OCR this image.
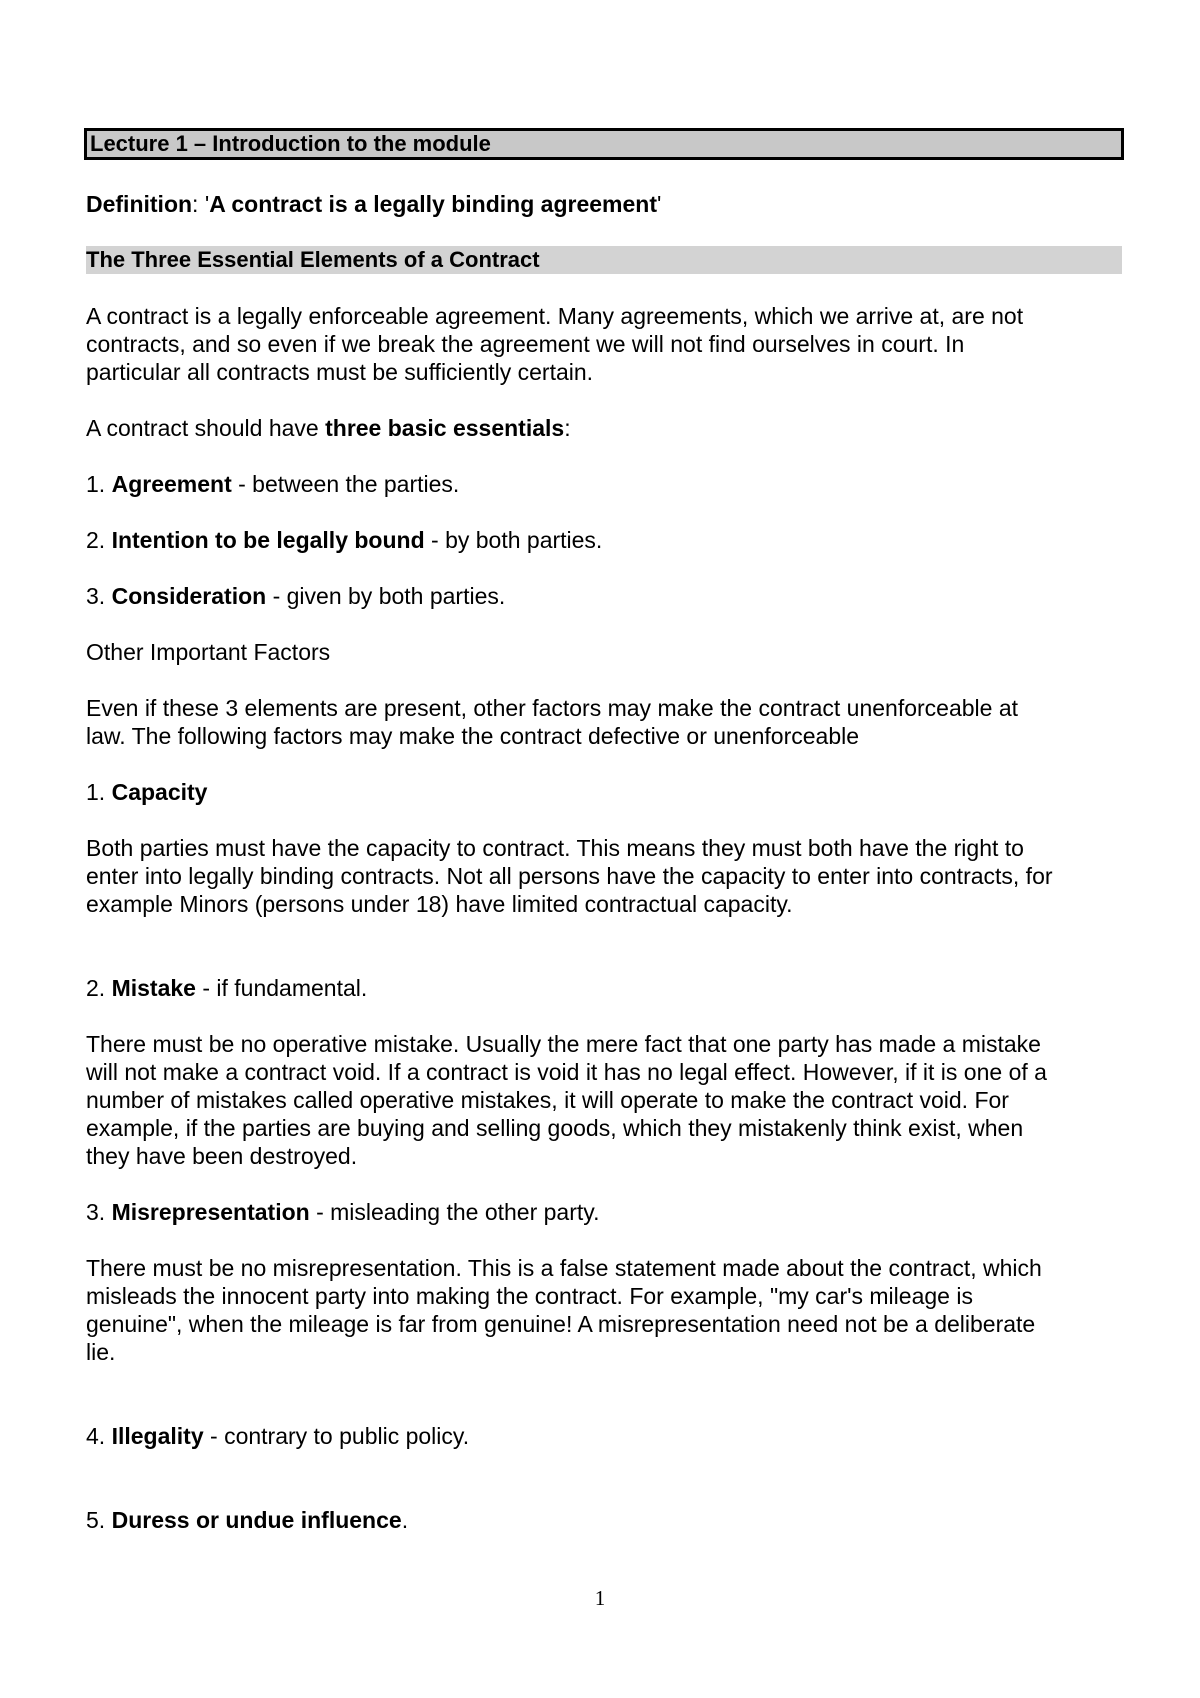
Lecture 1 – Introduction to the module

Definition: 'A contract is a legally binding agreement'

The Three Essential Elements of a Contract

A contract is a legally enforceable agreement. Many agreements, which we arrive at, are not
contracts, and so even if we break the agreement we will not find ourselves in court. In
particular all contracts must be sufficiently certain.

A contract should have three basic essentials:

1. Agreement - between the parties.

2. Intention to be legally bound - by both parties.

3. Consideration - given by both parties.

Other Important Factors

Even if these 3 elements are present, other factors may make the contract unenforceable at
law. The following factors may make the contract defective or unenforceable

1. Capacity

Both parties must have the capacity to contract. This means they must both have the right to
enter into legally binding contracts. Not all persons have the capacity to enter into contracts, for
example Minors (persons under 18) have limited contractual capacity.

2. Mistake - if fundamental.

There must be no operative mistake. Usually the mere fact that one party has made a mistake
will not make a contract void. If a contract is void it has no legal effect. However, if it is one of a
number of mistakes called operative mistakes, it will operate to make the contract void. For
example, if the parties are buying and selling goods, which they mistakenly think exist, when
they have been destroyed.

3. Misrepresentation - misleading the other party.

There must be no misrepresentation. This is a false statement made about the contract, which
misleads the innocent party into making the contract. For example, "my car's mileage is
genuine", when the mileage is far from genuine! A misrepresentation need not be a deliberate
lie.

4. Illegality - contrary to public policy.

5. Duress or undue influence.

1
